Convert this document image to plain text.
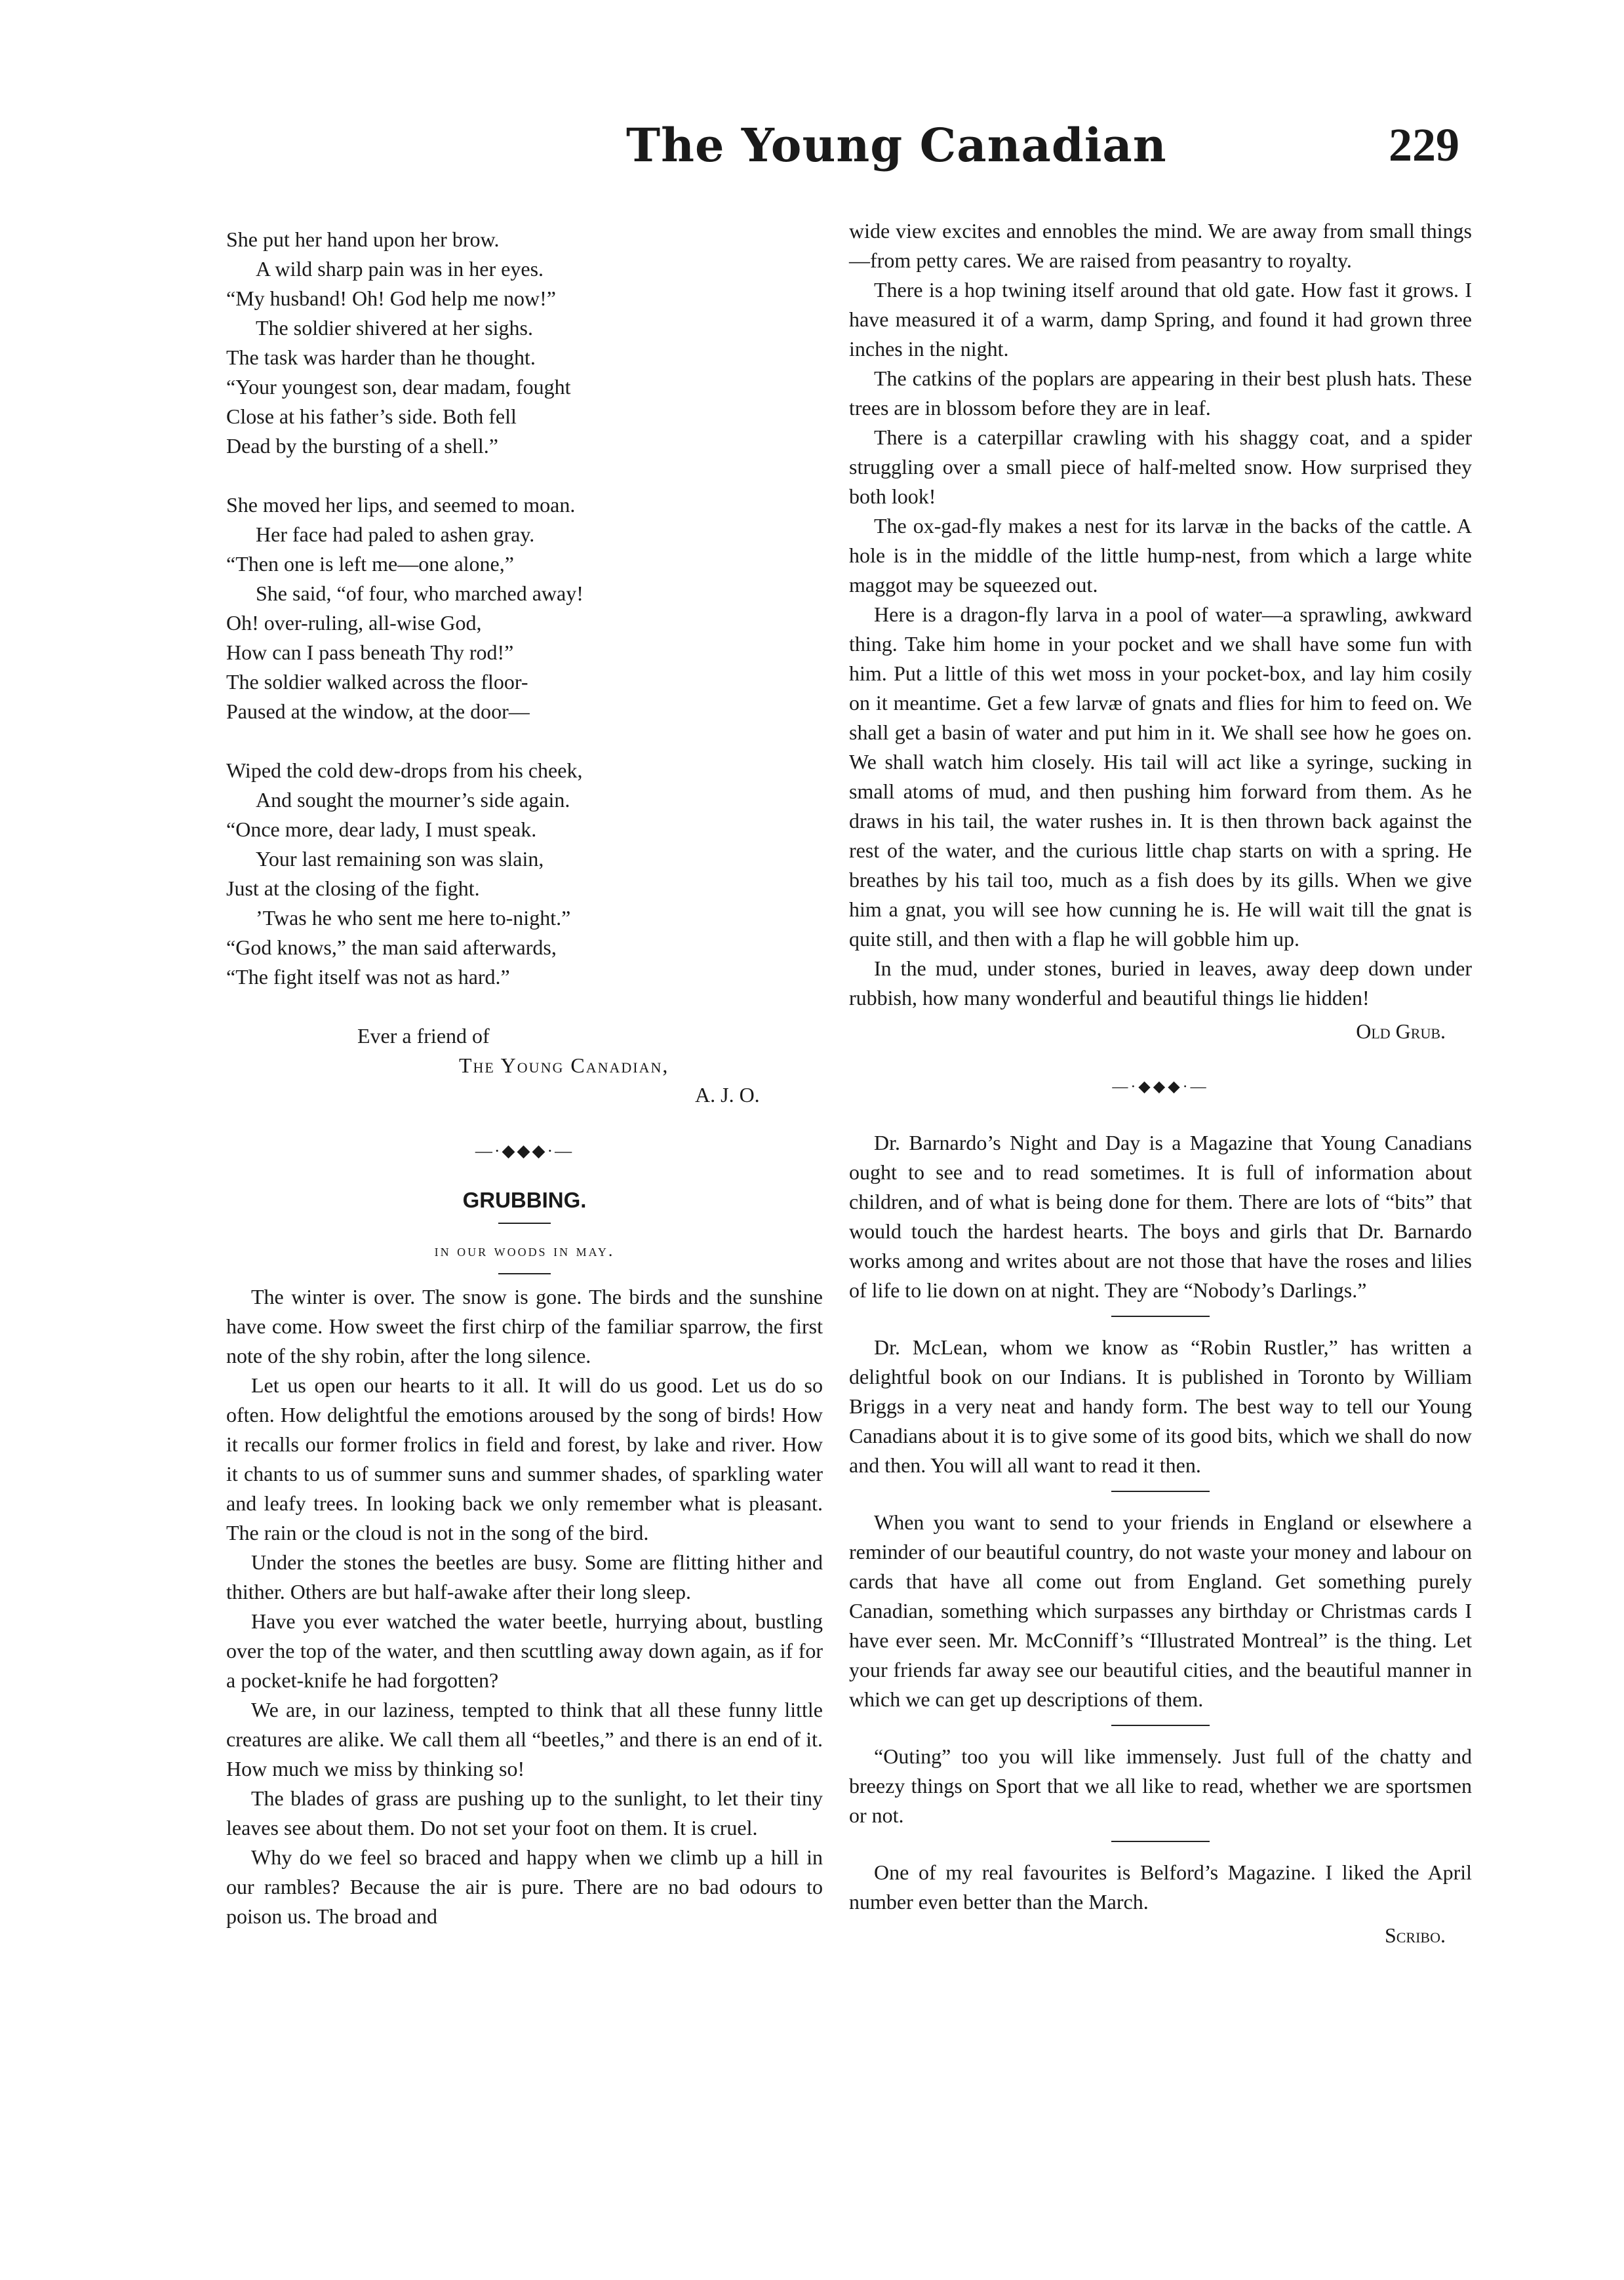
The Young Canadian	229

She put her hand upon her brow.

A wild sharp pain was in her eyes.

“My husband! Oh! God help me now!”

The soldier shivered at her sighs.

The task was harder than he thought.

“Your youngest son, dear madam, fought

Close at his father’s side. Both fell

Dead by the bursting of a shell.”

She moved her lips, and seemed to moan.

Her face had paled to ashen gray.

“Then one is left me—one alone,”

She said, “of four, who marched away!

Oh! over-ruling, all-wise God,

How can I pass beneath Thy rod!”

The soldier walked across the floor-

Paused at the window, at the door—

Wiped the cold dew-drops from his cheek,

And sought the mourner’s side again.

“Once more, dear lady, I must speak.

Your last remaining son was slain,

Just at the closing of the fight.

’Twas he who sent me here to-night.”

“God knows,” the man said afterwards,

“The fight itself was not as hard.”

Ever a friend of

The Young Canadian,

A. J. O.

—·◆◆◆·—
GRUBBING.
in our woods in may.

The winter is over. The snow is gone. The birds and the sunshine have come. How sweet the first chirp of the familiar sparrow, the first note of the shy robin, after the long silence.

Let us open our hearts to it all. It will do us good. Let us do so often. How delightful the emotions aroused by the song of birds! How it recalls our former frolics in field and forest, by lake and river. How it chants to us of summer suns and summer shades, of sparkling water and leafy trees. In looking back we only remember what is pleasant. The rain or the cloud is not in the song of the bird.

Under the stones the beetles are busy. Some are flitting hither and thither. Others are but half-awake after their long sleep.

Have you ever watched the water beetle, hurrying about, bustling over the top of the water, and then scuttling away down again, as if for a pocket-knife he had forgotten?

We are, in our laziness, tempted to think that all these funny little creatures are alike. We call them all “beetles,” and there is an end of it. How much we miss by thinking so!

The blades of grass are pushing up to the sunlight, to let their tiny leaves see about them. Do not set your foot on them. It is cruel.

Why do we feel so braced and happy when we climb up a hill in our rambles? Because the air is pure. There are no bad odours to poison us. The broad and

wide view excites and ennobles the mind. We are away from small things—from petty cares. We are raised from peasantry to royalty.

There is a hop twining itself around that old gate. How fast it grows. I have measured it of a warm, damp Spring, and found it had grown three inches in the night.

The catkins of the poplars are appearing in their best plush hats. These trees are in blossom before they are in leaf.

There is a caterpillar crawling with his shaggy coat, and a spider struggling over a small piece of half-melted snow. How surprised they both look!

The ox-gad-fly makes a nest for its larvæ in the backs of the cattle. A hole is in the middle of the little hump-nest, from which a large white maggot may be squeezed out.

Here is a dragon-fly larva in a pool of water—a sprawling, awkward thing. Take him home in your pocket and we shall have some fun with him. Put a little of this wet moss in your pocket-box, and lay him cosily on it meantime. Get a few larvæ of gnats and flies for him to feed on. We shall get a basin of water and put him in it. We shall see how he goes on. We shall watch him closely. His tail will act like a syringe, sucking in small atoms of mud, and then pushing him forward from them. As he draws in his tail, the water rushes in. It is then thrown back against the rest of the water, and the curious little chap starts on with a spring. He breathes by his tail too, much as a fish does by its gills. When we give him a gnat, you will see how cunning he is. He will wait till the gnat is quite still, and then with a flap he will gobble him up.

In the mud, under stones, buried in leaves, away deep down under rubbish, how many wonderful and beautiful things lie hidden!

Old Grub.
—·◆◆◆·—

Dr. Barnardo’s Night and Day is a Magazine that Young Canadians ought to see and to read sometimes. It is full of information about children, and of what is being done for them. There are lots of “bits” that would touch the hardest hearts. The boys and girls that Dr. Barnardo works among and writes about are not those that have the roses and lilies of life to lie down on at night. They are “Nobody’s Darlings.”

Dr. McLean, whom we know as “Robin Rustler,” has written a delightful book on our Indians. It is published in Toronto by William Briggs in a very neat and handy form. The best way to tell our Young Canadians about it is to give some of its good bits, which we shall do now and then. You will all want to read it then.

When you want to send to your friends in England or elsewhere a reminder of our beautiful country, do not waste your money and labour on cards that have all come out from England. Get something purely Canadian, something which surpasses any birthday or Christmas cards I have ever seen. Mr. McConniff’s “Illustrated Montreal” is the thing. Let your friends far away see our beautiful cities, and the beautiful manner in which we can get up descriptions of them.

“Outing” too you will like immensely. Just full of the chatty and breezy things on Sport that we all like to read, whether we are sportsmen or not.

One of my real favourites is Belford’s Magazine. I liked the April number even better than the March.

Scribo.
